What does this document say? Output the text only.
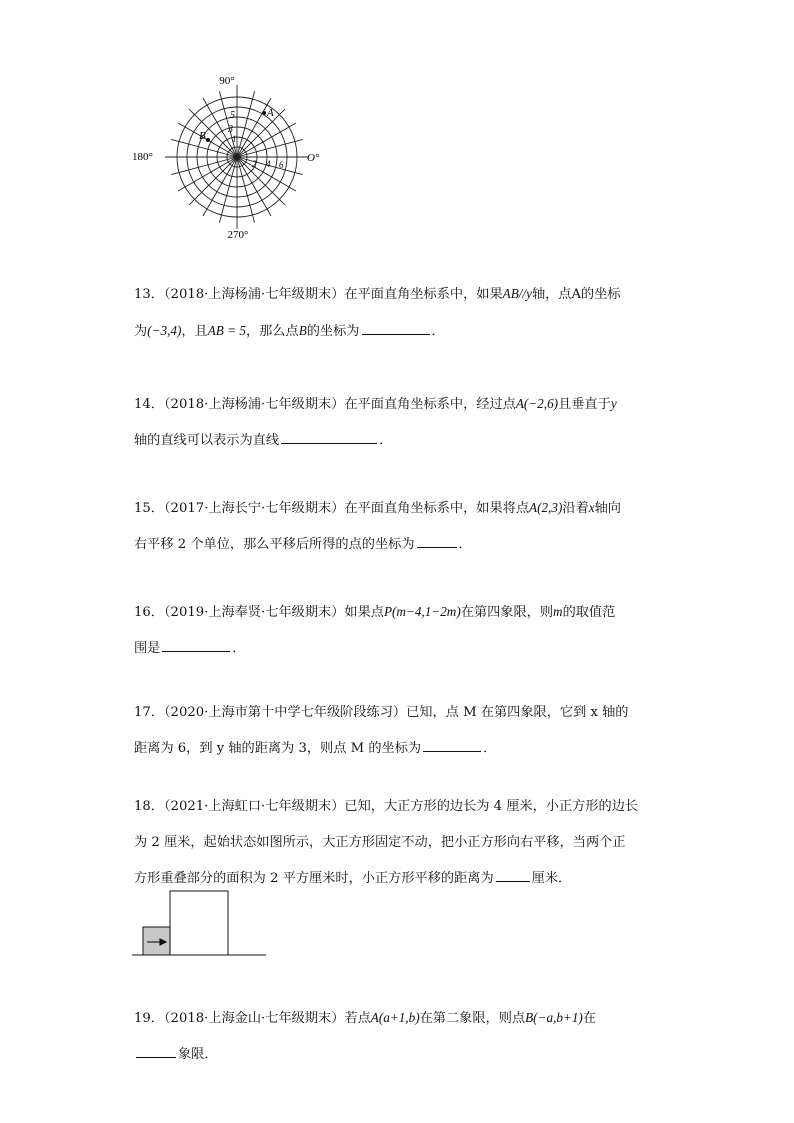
90°
180°	O°
270°
1
3
5
2 4 6
A
B

13．（2018·上海杨浦·七年级期末）在平面直角坐标系中，如果AB//y轴，点A的坐标

为(−3,4)，且AB = 5，那么点B的坐标为	．

14．（2018·上海杨浦·七年级期末）在平面直角坐标系中，经过点A(−2,6)且垂直于y

轴的直线可以表示为直线	．

15．（2017·上海长宁·七年级期末）在平面直角坐标系中，如果将点A(2,3)沿着x轴向

右平移 2 个单位，那么平移后所得的点的坐标为	．

16．（2019·上海奉贤·七年级期末）如果点P(m−4,1−2m)在第四象限，则m的取值范

围是	．

17．（2020·上海市第十中学七年级阶段练习）已知，点 M 在第四象限，它到 x 轴的

距离为 6，到 y 轴的距离为 3，则点 M 的坐标为	．

18．（2021·上海虹口·七年级期末）已知，大正方形的边长为 4 厘米，小正方形的边长

为 2 厘米，起始状态如图所示，大正方形固定不动，把小正方形向右平移，当两个正

方形重叠部分的面积为 2 平方厘米时，小正方形平移的距离为	厘米．

19．（2018·上海金山·七年级期末）若点A(a+1,b)在第二象限，则点B(−a,b+1)在

象限．
